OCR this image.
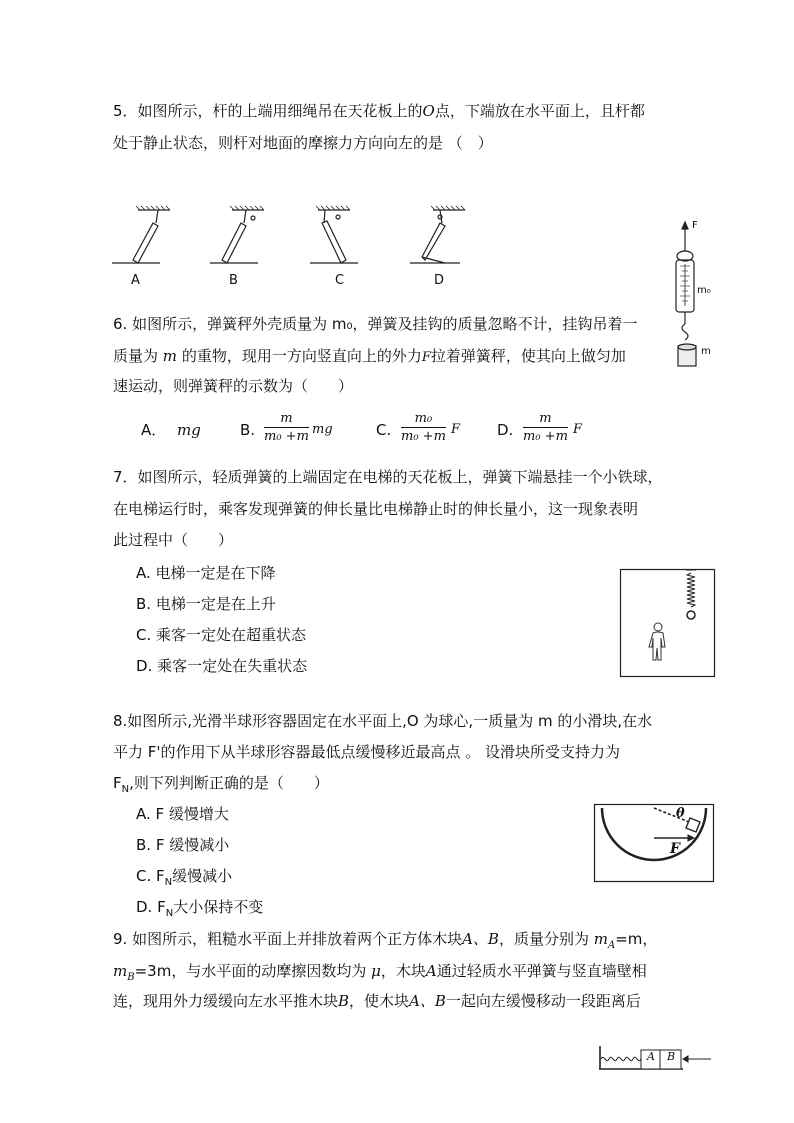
5．如图所示，杆的上端用细绳吊在天花板上的O点，下端放在水平面上，且杆都
处于静止状态，则杆对地面的摩擦力方向向左的是 （　）
A	B	C	D
6. 如图所示，弹簧秤外壳质量为 m₀，弹簧及挂钩的质量忽略不计，挂钩吊着一
质量为 m 的重物，现用一方向竖直向上的外力F拉着弹簧秤，使其向上做匀加
速运动，则弹簧秤的示数为（　　）
A． mg	B. $\frac{m}{\text{m₀ +m}}$ mg	C. $\frac{\text{m₀}}{\text{m₀ +m}}$ F D. $\frac{m}{\text{m₀ +m}}$ F
F
m₀
m
7．如图所示，轻质弹簧的上端固定在电梯的天花板上，弹簧下端悬挂一个小铁球，
在电梯运行时，乘客发现弹簧的伸长量比电梯静止时的伸长量小，这一现象表明
此过程中（　　）
A. 电梯一定是在下降
B. 电梯一定是在上升
C. 乘客一定处在超重状态
D. 乘客一定处在失重状态
8.如图所示,光滑半球形容器固定在水平面上,O 为球心,一质量为 m 的小滑块,在水
平力 F'的作用下从半球形容器最低点缓慢移近最高点 。 设滑块所受支持力为
$F_N$,则下列判断正确的是（　　）
A. F 缓慢增大
B. F 缓慢减小
C. $F_N$缓慢减小
D. $F_N$大小保持不变
θ
F
9. 如图所示，粗糙水平面上并排放着两个正方体木块A、B，质量分别为 $m_A=m$，
$m_B=3m$，与水平面的动摩擦因数均为 μ，木块A通过轻质水平弹簧与竖直墙壁相
连，现用外力缓缓向左水平推木块B，使木块A、B一起向左缓慢移动一段距离后
A B
